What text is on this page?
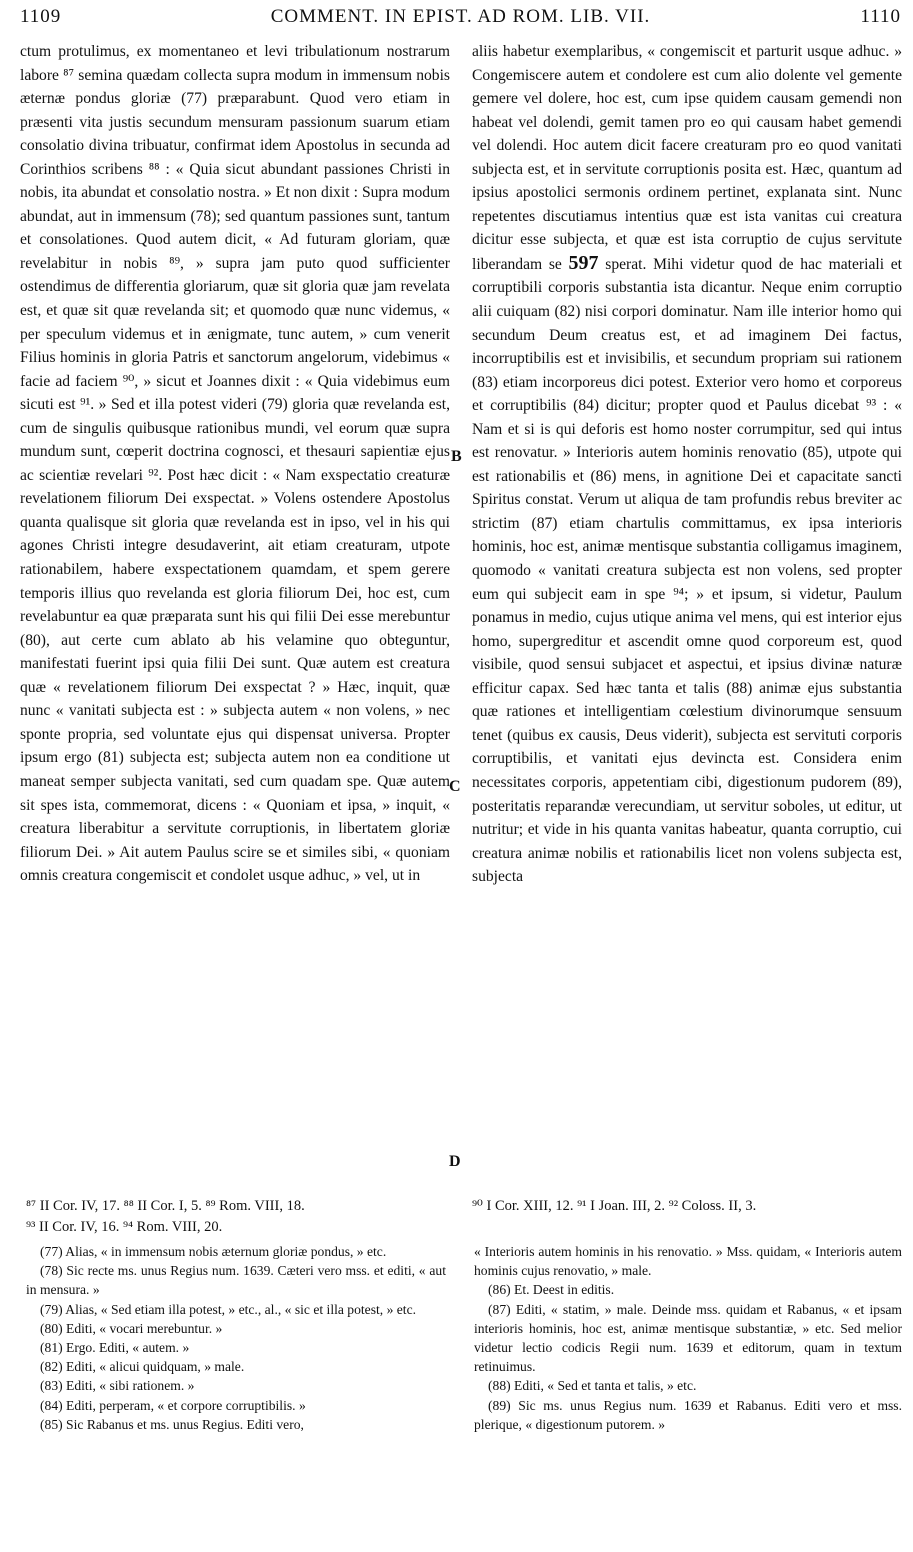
1109	COMMENT. IN EPIST. AD ROM. LIB. VII.	1110

ctum protulimus, ex momentaneo et levi tribulationum nostrarum labore ⁸⁷ semina quædam collecta supra modum in immensum nobis æternæ pondus gloriæ (77) præparabunt. Quod vero etiam in præsenti vita justis secundum mensuram passionum suarum etiam consolatio divina tribuatur, confirmat idem Apostolus in secunda ad Corinthios scribens ⁸⁸ : « Quia sicut abundant passiones Christi in nobis, ita abundat et consolatio nostra. » Et non dixit : Supra modum abundat, aut in immensum (78); sed quantum passiones sunt, tantum et consolationes. Quod autem dicit, « Ad futuram gloriam, quæ revelabitur in nobis ⁸⁹, » supra jam puto quod sufficienter ostendimus de differentia gloriarum, quæ sit gloria quæ jam revelata est, et quæ sit quæ revelanda sit; et quomodo quæ nunc videmus, « per speculum videmus et in ænigmate, tunc autem, » cum venerit Filius hominis in gloria Patris et sanctorum angelorum, videbimus « facie ad faciem ⁹⁰, » sicut et Joannes dixit : « Quia videbimus eum sicuti est ⁹¹. » Sed et illa potest videri (79) gloria quæ revelanda est, cum de singulis quibusque rationibus mundi, vel eorum quæ supra mundum sunt, cœperit doctrina cognosci, et thesauri sapientiæ ejus ac scientiæ revelari ⁹². Post hæc dicit : « Nam exspectatio creaturæ revelationem filiorum Dei exspectat. » Volens ostendere Apostolus quanta qualisque sit gloria quæ revelanda est in ipso, vel in his qui agones Christi integre desudaverint, ait etiam creaturam, utpote rationabilem, habere exspectationem quamdam, et spem gerere temporis illius quo revelanda est gloria filiorum Dei, hoc est, cum revelabuntur ea quæ præparata sunt his qui filii Dei esse merebuntur (80), aut certe cum ablato ab his velamine quo obteguntur, manifestati fuerint ipsi quia filii Dei sunt. Quæ autem est creatura quæ « revelationem filiorum Dei exspectat ? » Hæc, inquit, quæ nunc « vanitati subjecta est : » subjecta autem « non volens, » nec sponte propria, sed voluntate ejus qui dispensat universa. Propter ipsum ergo (81) subjecta est; subjecta autem non ea conditione ut maneat semper subjecta vanitati, sed cum quadam spe. Quæ autem sit spes ista, commemorat, dicens : « Quoniam et ipsa, » inquit, « creatura liberabitur a servitute corruptionis, in libertatem gloriæ filiorum Dei. » Ait autem Paulus scire se et similes sibi, « quoniam omnis creatura congemiscit et condolet usque adhuc, » vel, ut in

B
C
D

aliis habetur exemplaribus, « congemiscit et parturit usque adhuc. » Congemiscere autem et condolere est cum alio dolente vel gemente gemere vel dolere, hoc est, cum ipse quidem causam gemendi non habeat vel dolendi, gemit tamen pro eo qui causam habet gemendi vel dolendi. Hoc autem dicit facere creaturam pro eo quod vanitati subjecta est, et in servitute corruptionis posita est. Hæc, quantum ad ipsius apostolici sermonis ordinem pertinet, explanata sint. Nunc repetentes discutiamus intentius quæ est ista vanitas cui creatura dicitur esse subjecta, et quæ est ista corruptio de cujus servitute liberandam se 597 sperat. Mihi videtur quod de hac materiali et corruptibili corporis substantia ista dicantur. Neque enim corruptio alii cuiquam (82) nisi corpori dominatur. Nam ille interior homo qui secundum Deum creatus est, et ad imaginem Dei factus, incorruptibilis est et invisibilis, et secundum propriam sui rationem (83) etiam incorporeus dici potest. Exterior vero homo et corporeus et corruptibilis (84) dicitur; propter quod et Paulus dicebat ⁹³ : « Nam et si is qui deforis est homo noster corrumpitur, sed qui intus est renovatur. » Interioris autem hominis renovatio (85), utpote qui est rationabilis et (86) mens, in agnitione Dei et capacitate sancti Spiritus constat. Verum ut aliqua de tam profundis rebus breviter ac strictim (87) etiam chartulis committamus, ex ipsa interioris hominis, hoc est, animæ mentisque substantia colligamus imaginem, quomodo « vanitati creatura subjecta est non volens, sed propter eum qui subjecit eam in spe ⁹⁴; » et ipsum, si videtur, Paulum ponamus in medio, cujus utique anima vel mens, qui est interior ejus homo, supergreditur et ascendit omne quod corporeum est, quod visibile, quod sensui subjacet et aspectui, et ipsius divinæ naturæ efficitur capax. Sed hæc tanta et talis (88) animæ ejus substantia quæ rationes et intelligentiam cœlestium divinorumque sensuum tenet (quibus ex causis, Deus viderit), subjecta est servituti corporis corruptibilis, et vanitati ejus devincta est. Considera enim necessitates corporis, appetentiam cibi, digestionum pudorem (89), posteritatis reparandæ verecundiam, ut servitur soboles, ut editur, ut nutritur; et vide in his quanta vanitas habeatur, quanta corruptio, cui creatura animæ nobilis et rationabilis licet non volens subjecta est, subjecta

⁸⁷ II Cor. IV, 17. ⁸⁸ II Cor. I, 5. ⁸⁹ Rom. VIII, 18.
⁹³ II Cor. IV, 16. ⁹⁴ Rom. VIII, 20.
⁹⁰ I Cor. XIII, 12. ⁹¹ I Joan. III, 2. ⁹² Coloss. II, 3.

(77) Alias, « in immensum nobis æternum gloriæ pondus, » etc.

(78) Sic recte ms. unus Regius num. 1639. Cæteri vero mss. et editi, « aut in mensura. »

(79) Alias, « Sed etiam illa potest, » etc., al., « sic et illa potest, » etc.

(80) Editi, « vocari merebuntur. »

(81) Ergo. Editi, « autem. »

(82) Editi, « alicui quidquam, » male.

(83) Editi, « sibi rationem. »

(84) Editi, perperam, « et corpore corruptibilis. »

(85) Sic Rabanus et ms. unus Regius. Editi vero,

« Interioris autem hominis in his renovatio. » Mss. quidam, « Interioris autem hominis cujus renovatio, » male.

(86) Et. Deest in editis.

(87) Editi, « statim, » male. Deinde mss. quidam et Rabanus, « et ipsam interioris hominis, hoc est, animæ mentisque substantiæ, » etc. Sed melior videtur lectio codicis Regii num. 1639 et editorum, quam in textum retinuimus.

(88) Editi, « Sed et tanta et talis, » etc.

(89) Sic ms. unus Regius num. 1639 et Rabanus. Editi vero et mss. plerique, « digestionum putorem. »
